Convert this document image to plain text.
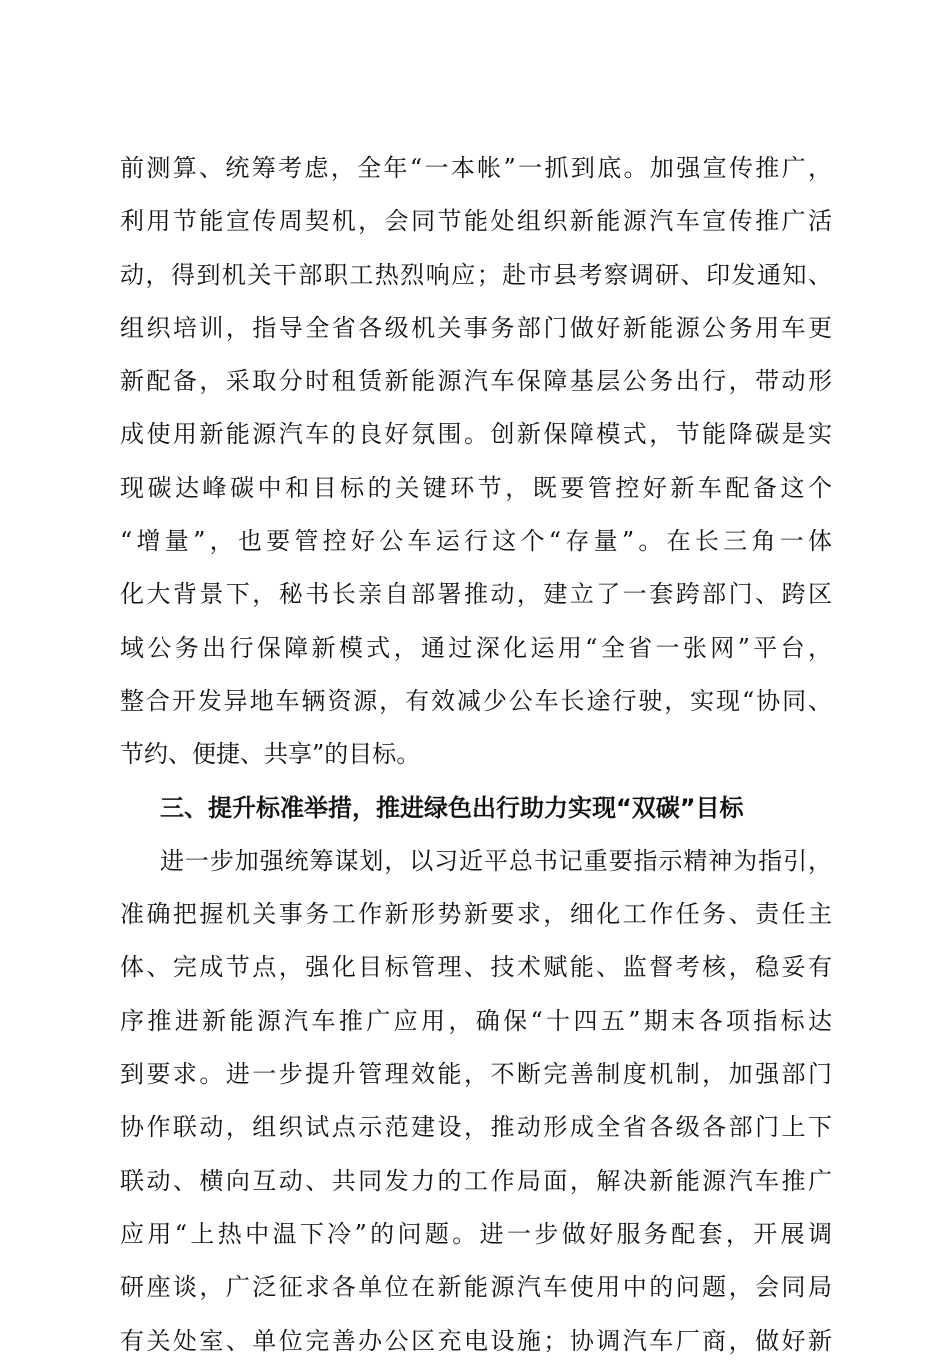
前测算、统筹考虑，全年“一本帐”一抓到底。加强宣传推广，
利用节能宣传周契机，会同节能处组织新能源汽车宣传推广活
动，得到机关干部职工热烈响应；赴市县考察调研、印发通知、
组织培训，指导全省各级机关事务部门做好新能源公务用车更
新配备，采取分时租赁新能源汽车保障基层公务出行，带动形
成使用新能源汽车的良好氛围。创新保障模式，节能降碳是实
现碳达峰碳中和目标的关键环节，既要管控好新车配备这个
“增量”，也要管控好公车运行这个“存量”。在长三角一体
化大背景下，秘书长亲自部署推动，建立了一套跨部门、跨区
域公务出行保障新模式，通过深化运用“全省一张网”平台，
整合开发异地车辆资源，有效减少公车长途行驶，实现“协同、
节约、便捷、共享”的目标。
三、提升标准举措，推进绿色出行助力实现“双碳”目标
进一步加强统筹谋划，以习近平总书记重要指示精神为指引，
准确把握机关事务工作新形势新要求，细化工作任务、责任主
体、完成节点，强化目标管理、技术赋能、监督考核，稳妥有
序推进新能源汽车推广应用，确保“十四五”期末各项指标达
到要求。进一步提升管理效能，不断完善制度机制，加强部门
协作联动，组织试点示范建设，推动形成全省各级各部门上下
联动、横向互动、共同发力的工作局面，解决新能源汽车推广
应用“上热中温下冷”的问题。进一步做好服务配套，开展调
研座谈，广泛征求各单位在新能源汽车使用中的问题，会同局
有关处室、单位完善办公区充电设施；协调汽车厂商，做好新
